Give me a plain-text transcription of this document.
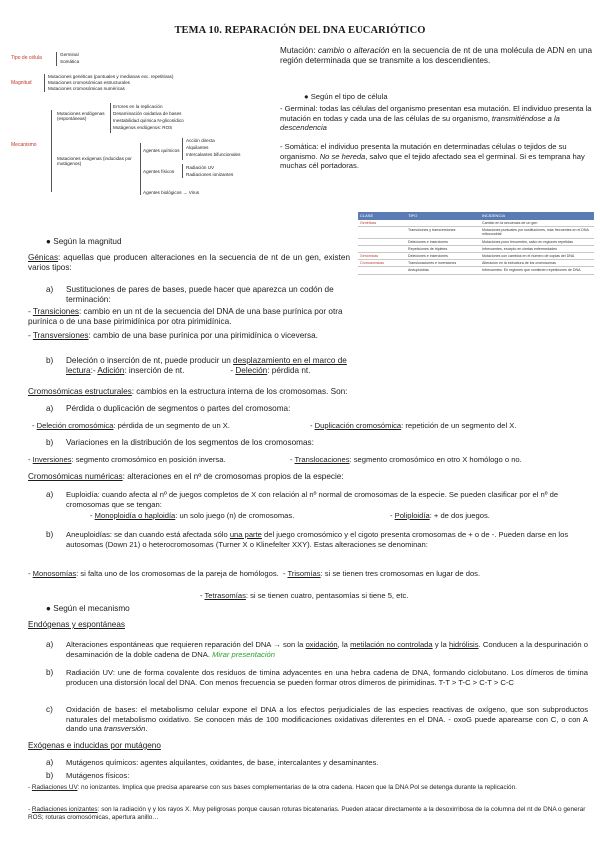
TEMA 10. REPARACIÓN DEL DNA EUCARIÓTICO
Tipo de célula
Germinal
Somática
Magnitud
Mutaciones genéticas (puntuales y medianas exc. repetitivas)
Mutaciones cromosómicas estructurales
Mutaciones cromosómicas numéricas
Mecanismo
Mutaciones endógenas (espontáneas)
Errores en la replicación
Desaminación oxidativa de bases
Inestabilidad química N-glicosídico
Mutágenos endógenos: ROS
Mutaciones exógenas (inducidas por mutágenos)
Agentes químicos
Acción directa
Alquilantes
Intercalantes bifuncionales
Agentes físicos
Radiación UV
Radiaciones ionizantes
Agentes biológicos → Virus
Mutación: cambio o alteración en la secuencia de nt de una molécula de ADN en una región determinada que se transmite a los descendientes.
● Según el tipo de célula
- Germinal: todas las células del organismo presentan esa mutación. El individuo presenta la mutación en todas y cada una de las células de su organismo, transmitiéndose a la descendencia
- Somática: el individuo presenta la mutación en determinadas células o tejidos de su organismo. No se hereda, salvo que el tejido afectado sea el germinal. Si es temprana hay muchas cél portadoras.
CLASE	TIPO	INCIDENCIA
Genéticas		Cambio en la secuencia de un gen
	Transiciones y transversiones	Mutaciones puntuales por sustituciones, más frecuentes en el DNA mitocondrial
	Deleciones e inserciones	Mutaciones poco frecuentes, salvo en regiones repetidas
	Repeticiones de tripletes	Infrecuentes, excepto en ciertas enfermedades
Genómicas	Deleciones e inserciones	Mutaciones con cambios en el número de copias del DNA
Cromosómicas	Translocaciones e inversiones	Alteración en la estructura de los cromosomas
	Aneuploidías	Infrecuentes. En regiones que contienen repeticiones de DNA
● Según la magnitud
Génicas: aquellas que producen alteraciones en la secuencia de nt de un gen, existen varios tipos:
a)	Sustituciones de pares de bases, puede hacer que aparezca un codón de terminación:
- Transiciones: cambio en un nt de la secuencia del DNA de una base purínica por otra purínica o de una base pirimidínica por otra pirimidínica.
- Transversiones: cambio de una base purínica por una pirimidínica o viceversa.
b)	Deleción o inserción de nt, puede producir un desplazamiento en el marco de lectura:- Adición: inserción de nt.	- Deleción: pérdida nt.
Cromosómicas estructurales: cambios en la estructura interna de los cromosomas. Son:
a) Pérdida o duplicación de segmentos o partes del cromosoma:
- Deleción cromosómica: pérdida de un segmento de un X.	- Duplicación cromosómica: repetición de un segmento del X.
b) Variaciones en la distribución de los segmentos de los cromosomas:
- Inversiones: segmento cromosómico en posición inversa.	- Translocaciones: segmento cromosómico en otro X homólogo o no.
Cromosómicas numéricas: alteraciones en el nº de cromosomas propios de la especie:
a) Euploidía: cuando afecta al nº de juegos completos de X con relación al nº normal de cromosomas de la especie. Se pueden clasificar por el nº de cromosomas que se tengan:
- Monoploidía o haploidía: un solo juego (n) de cromosomas.	- Poliploidía: + de dos juegos.
b) Aneuploidías: se dan cuando está afectada sólo una parte del juego cromosómico y el cigoto presenta cromosomas de + o de -. Pueden darse en los autosomas (Down 21) o heterocromosomas (Turner X o Klinefelter XXY). Estas alteraciones se denominan:
- Monosomías: si falta uno de los cromosomas de la pareja de homólogos.  - Trisomías: si se tienen tres cromosomas en lugar de dos.
- Tetrasomías: si se tienen cuatro, pentasomías si tiene 5, etc.
● Según el mecanismo
Endógenas y espontáneas
a) Alteraciones espontáneas que requieren reparación del DNA → son la oxidación, la metilación no controlada y la hidrólisis. Conducen a la despurinación o desaminación de la doble cadena de DNA. Mirar presentación
b) Radiación UV: une de forma covalente dos residuos de timina adyacentes en una hebra cadena de DNA, formando ciclobutano. Los dímeros de timina producen una distorsión local del DNA. Con menos frecuencia se pueden formar otros dímeros de pirimidinas. T-T > T-C > C-T > C-C
c) Oxidación de bases: el metabolismo celular expone el DNA a los efectos perjudiciales de las especies reactivas de oxígeno, que son subproductos naturales del metabolismo oxidativo. Se conocen más de 100 modificaciones oxidativas diferentes en el DNA. - oxoG puede aparearse con C, o con A dando una transversión.
Exógenas e inducidas por mutágeno
a) Mutágenos químicos: agentes alquilantes, oxidantes, de base, intercalantes y desaminantes.
b) Mutágenos físicos:
- Radiaciones UV: no ionizantes. Implica que precisa aparearse con sus bases complementarias de la otra cadena. Hacen que la DNA Pol se detenga durante la replicación.
- Radiaciones ionizantes: son la radiación γ y los rayos X. Muy peligrosas porque causan roturas bicatenarias. Pueden atacar directamente a la desoxirribosa de la columna del nt de DNA o generar ROS; roturas cromosómicas, apertura anillo…
